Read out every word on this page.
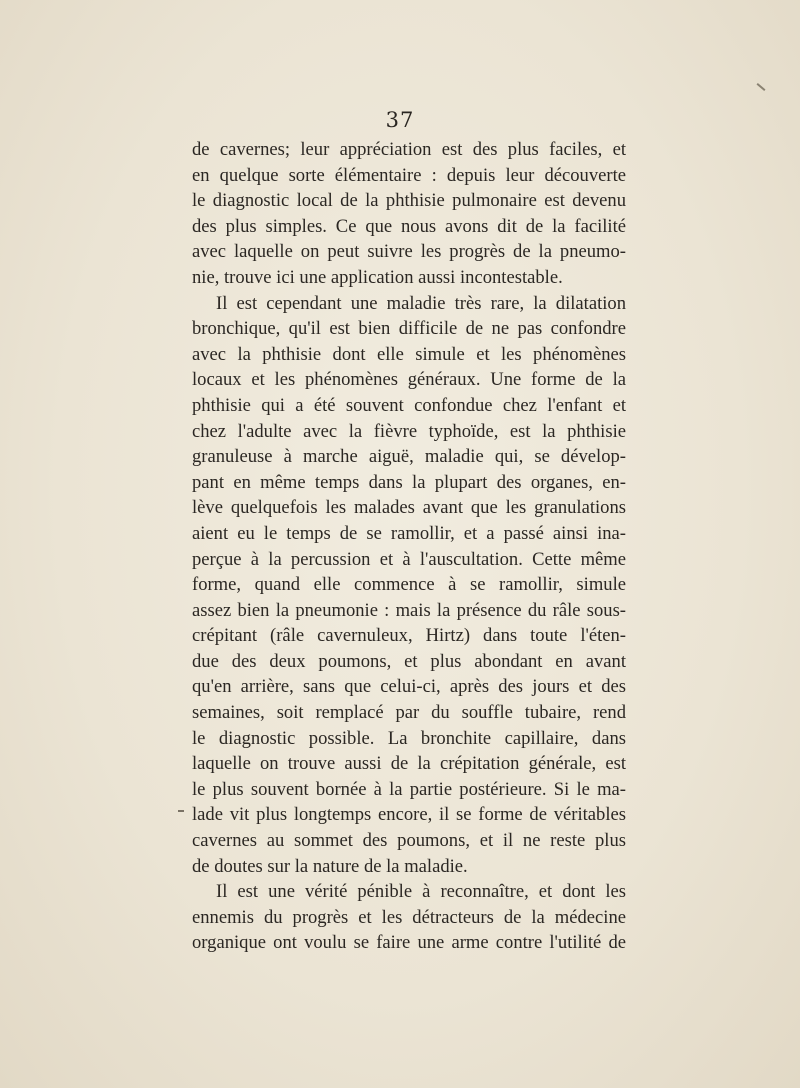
37
de cavernes; leur appréciation est des plus faciles, et
en quelque sorte élémentaire : depuis leur découverte
le diagnostic local de la phthisie pulmonaire est devenu
des plus simples. Ce que nous avons dit de la facilité
avec laquelle on peut suivre les progrès de la pneumo-
nie, trouve ici une application aussi incontestable.
Il est cependant une maladie très rare, la dilatation
bronchique, qu'il est bien difficile de ne pas confondre
avec la phthisie dont elle simule et les phénomènes
locaux et les phénomènes généraux. Une forme de la
phthisie qui a été souvent confondue chez l'enfant et
chez l'adulte avec la fièvre typhoïde, est la phthisie
granuleuse à marche aiguë, maladie qui, se dévelop-
pant en même temps dans la plupart des organes, en-
lève quelquefois les malades avant que les granulations
aient eu le temps de se ramollir, et a passé ainsi ina-
perçue à la percussion et à l'auscultation. Cette même
forme, quand elle commence à se ramollir, simule
assez bien la pneumonie : mais la présence du râle sous-
crépitant (râle cavernuleux, Hirtz) dans toute l'éten-
due des deux poumons, et plus abondant en avant
qu'en arrière, sans que celui-ci, après des jours et des
semaines, soit remplacé par du souffle tubaire, rend
le diagnostic possible. La bronchite capillaire, dans
laquelle on trouve aussi de la crépitation générale, est
le plus souvent bornée à la partie postérieure. Si le ma-
lade vit plus longtemps encore, il se forme de véritables
cavernes au sommet des poumons, et il ne reste plus
de doutes sur la nature de la maladie.
Il est une vérité pénible à reconnaître, et dont les
ennemis du progrès et les détracteurs de la médecine
organique ont voulu se faire une arme contre l'utilité de
